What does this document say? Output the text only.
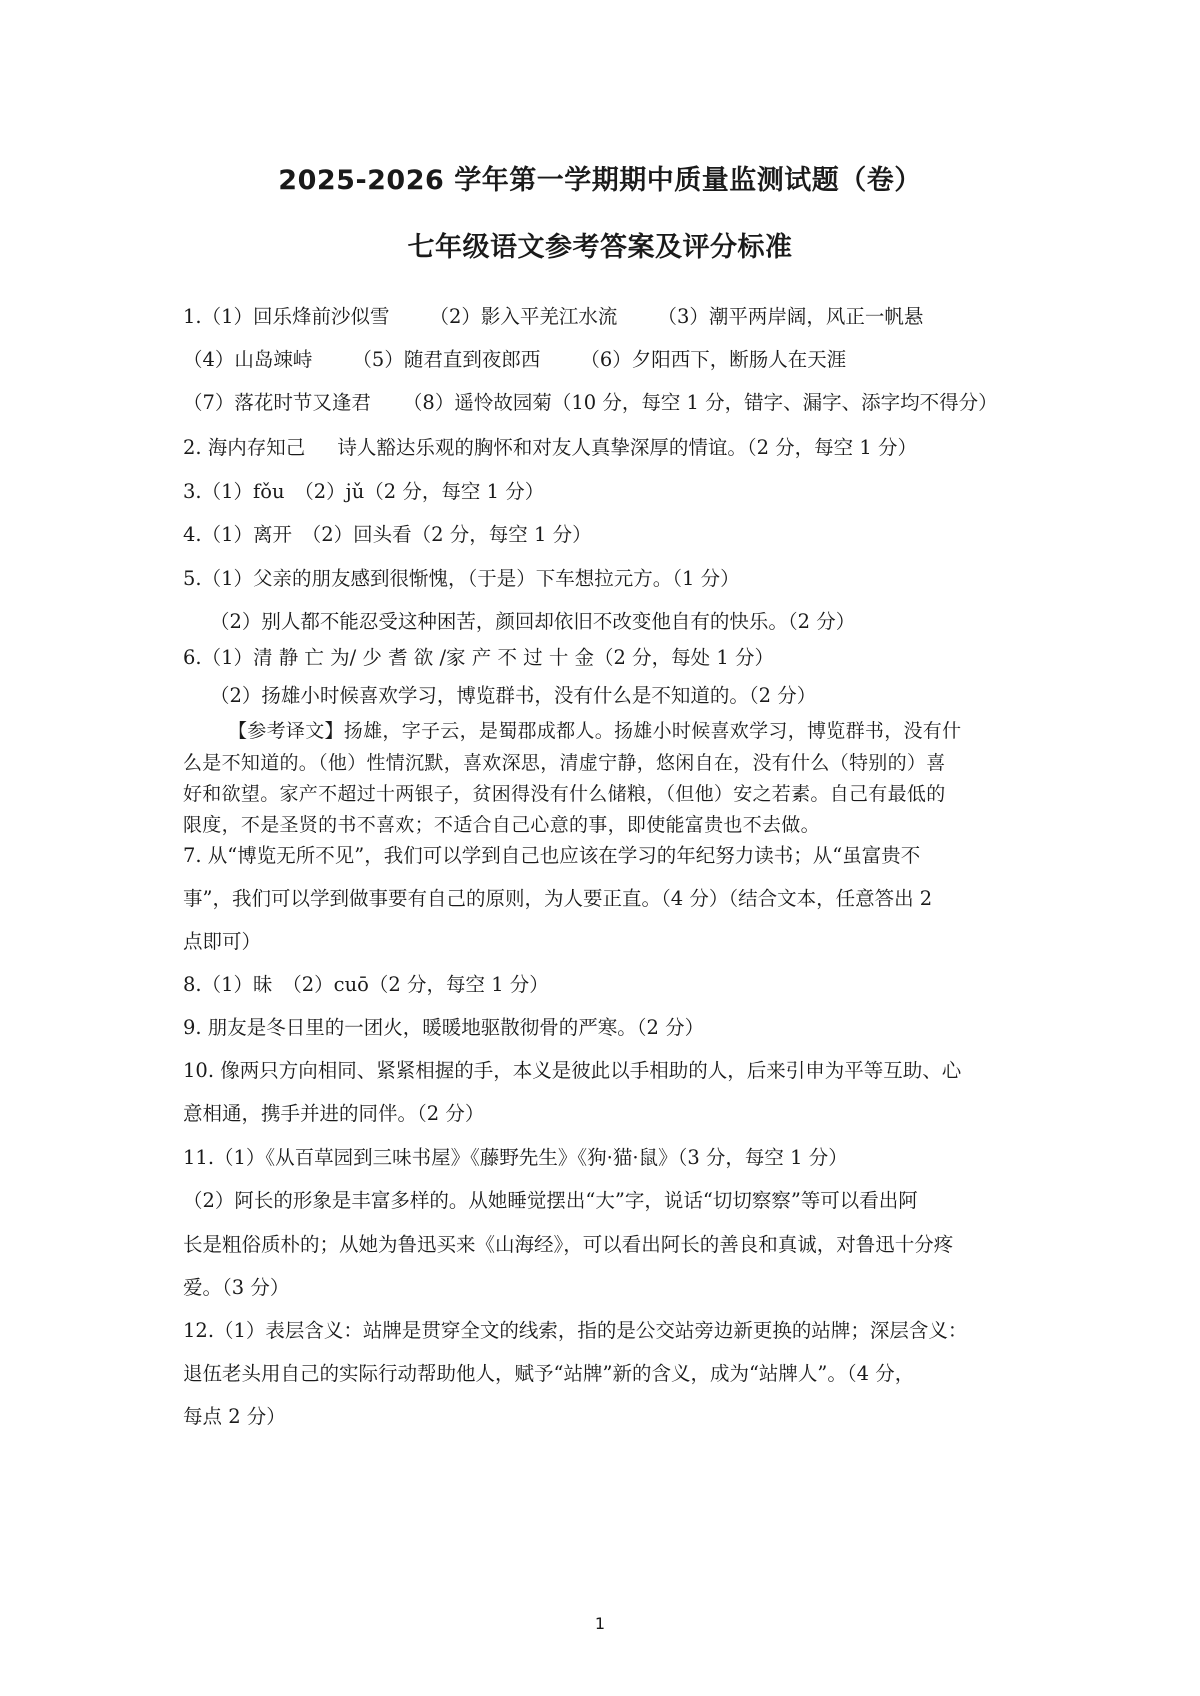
2025-2026 学年第一学期期中质量监测试题（卷）
七年级语文参考答案及评分标准
1.（1）回乐烽前沙似雪 （2）影入平羌江水流 （3）潮平两岸阔，风正一帆悬
（4）山岛竦峙 （5）随君直到夜郎西 （6）夕阳西下，断肠人在天涯
（7）落花时节又逢君 （8）遥怜故园菊（10 分，每空 1 分，错字、漏字、添字均不得分）
2. 海内存知己 诗人豁达乐观的胸怀和对友人真挚深厚的情谊。（2 分，每空 1 分）
3.（1）fǒu　（2）jǔ（2 分，每空 1 分）
4.（1）离开　（2）回头看（2 分，每空 1 分）
5.（1）父亲的朋友感到很惭愧，（于是）下车想拉元方。（1 分）
（2）别人都不能忍受这种困苦，颜回却依旧不改变他自有的快乐。（2 分）
6.（1）清 静 亡 为/ 少 耆 欲 /家 产 不 过 十 金（2 分，每处 1 分）
（2）扬雄小时候喜欢学习，博览群书，没有什么是不知道的。（2 分）
【参考译文】扬雄，字子云，是蜀郡成都人。扬雄小时候喜欢学习，博览群书，没有什
么是不知道的。（他）性情沉默，喜欢深思，清虚宁静，悠闲自在，没有什么（特别的）喜
好和欲望。家产不超过十两银子，贫困得没有什么储粮，（但他）安之若素。自己有最低的
限度，不是圣贤的书不喜欢；不适合自己心意的事，即使能富贵也不去做。
7. 从“博览无所不见”，我们可以学到自己也应该在学习的年纪努力读书；从“虽富贵不
事”，我们可以学到做事要有自己的原则，为人要正直。（4 分）（结合文本，任意答出 2
点即可）
8.（1）昧　（2）cuō（2 分，每空 1 分）
9. 朋友是冬日里的一团火，暖暖地驱散彻骨的严寒。（2 分）
10. 像两只方向相同、紧紧相握的手，本义是彼此以手相助的人，后来引申为平等互助、心
意相通，携手并进的同伴。（2 分）
11.（1）《从百草园到三味书屋》《藤野先生》《狗·猫·鼠》（3 分，每空 1 分）
（2）阿长的形象是丰富多样的。从她睡觉摆出“大”字，说话“切切察察”等可以看出阿
长是粗俗质朴的；从她为鲁迅买来《山海经》，可以看出阿长的善良和真诚，对鲁迅十分疼
爱。（3 分）
12.（1）表层含义：站牌是贯穿全文的线索，指的是公交站旁边新更换的站牌；深层含义：
退伍老头用自己的实际行动帮助他人，赋予“站牌”新的含义，成为“站牌人”。（4 分，
每点 2 分）
1
